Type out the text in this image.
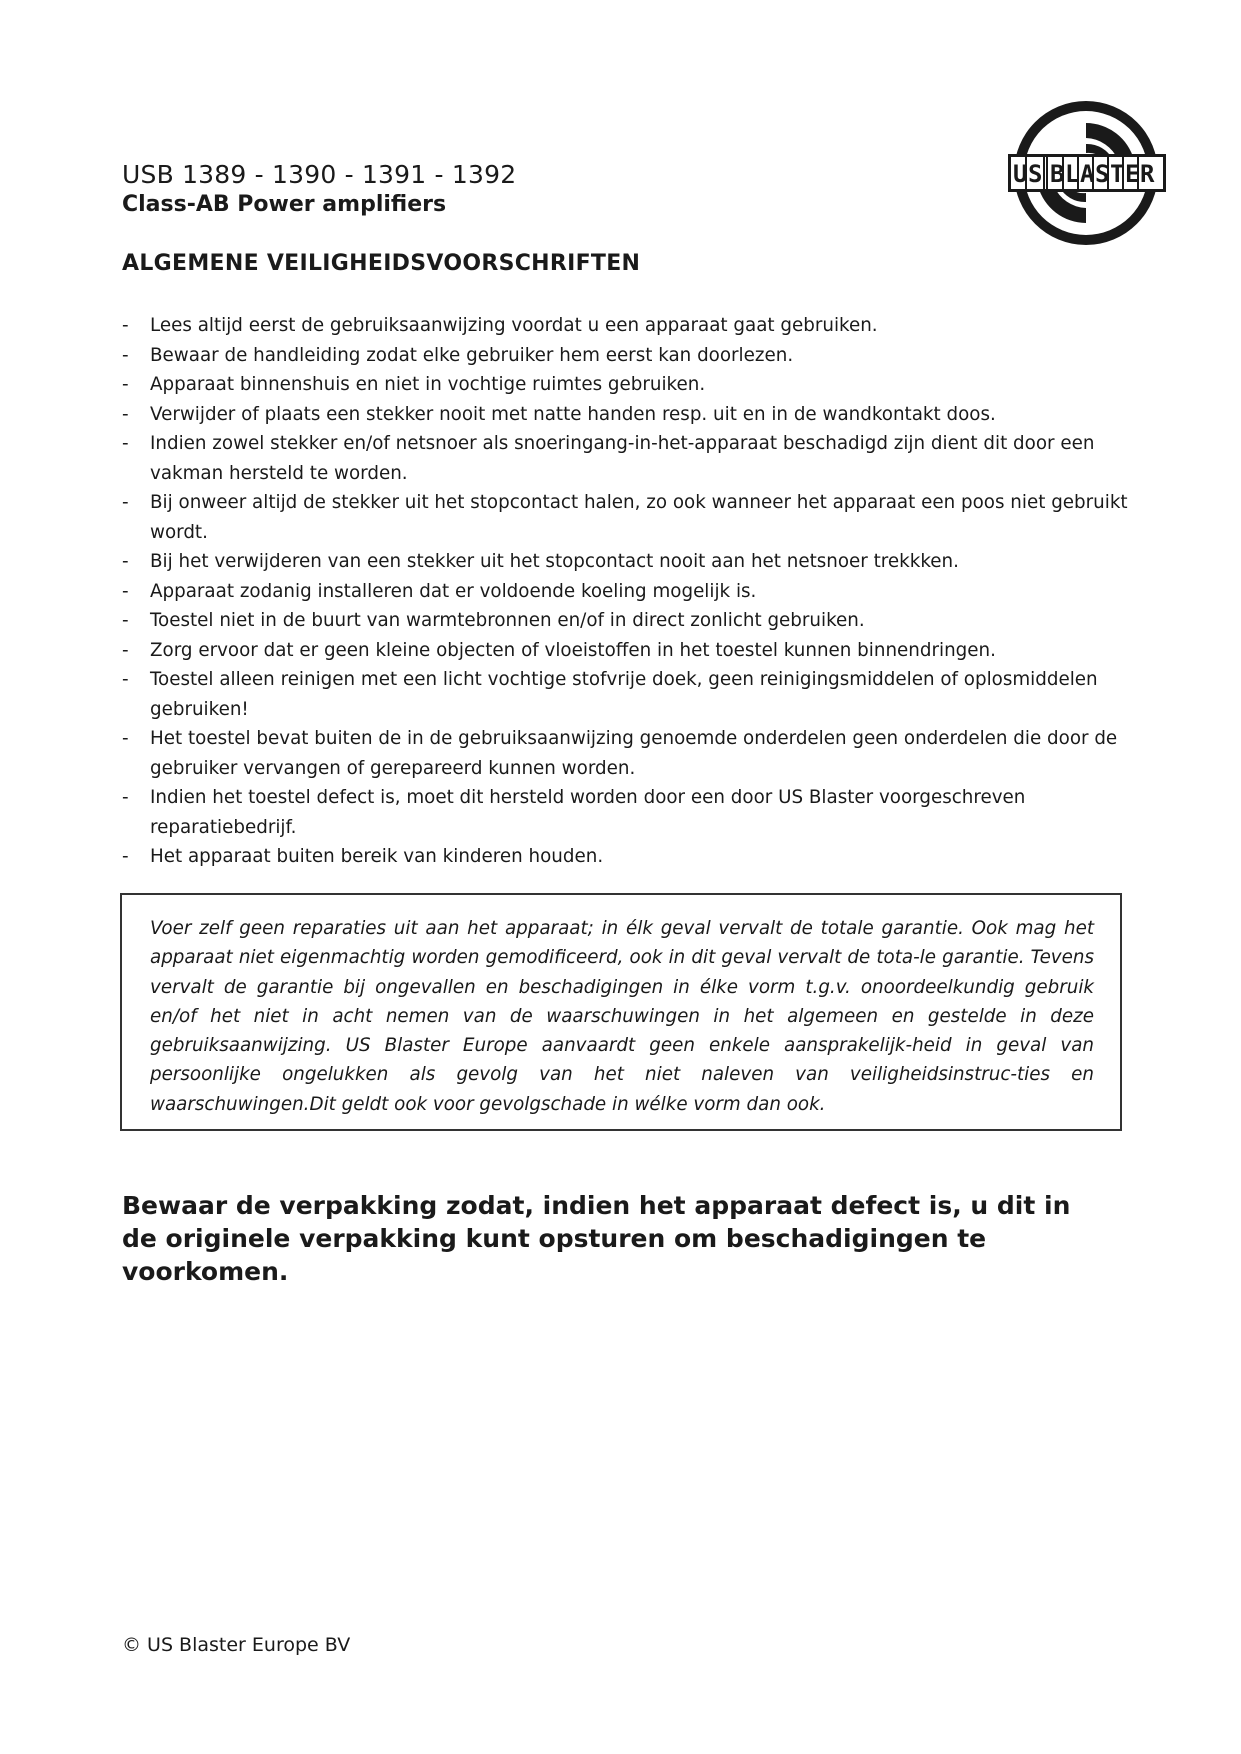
USB 1389 - 1390 - 1391 - 1392
Class-AB Power amplifiers
ALGEMENE VEILIGHEIDSVOORSCHRIFTEN
U S B L A S T E R
- Lees altijd eerst de gebruiksaanwijzing voordat u een apparaat gaat gebruiken.
- Bewaar de handleiding zodat elke gebruiker hem eerst kan doorlezen.
- Apparaat binnenshuis en niet in vochtige ruimtes gebruiken.
- Verwijder of plaats een stekker nooit met natte handen resp. uit en in de wandkontakt doos.
- Indien zowel stekker en/of netsnoer als snoeringang-in-het-apparaat beschadigd zijn dient dit door een vakman hersteld te worden.
- Bij onweer altijd de stekker uit het stopcontact halen, zo ook wanneer het apparaat een poos niet gebruikt wordt.
- Bij het verwijderen van een stekker uit het stopcontact nooit aan het netsnoer trekkken.
- Apparaat zodanig installeren dat er voldoende koeling mogelijk is.
- Toestel niet in de buurt van warmtebronnen en/of in direct zonlicht gebruiken.
- Zorg ervoor dat er geen kleine objecten of vloeistoffen in het toestel kunnen binnendringen.
- Toestel alleen reinigen met een licht vochtige stofvrije doek, geen reinigingsmiddelen of oplosmiddelen gebruiken!
- Het toestel bevat buiten de in de gebruiksaanwijzing genoemde onderdelen geen onderdelen die door de gebruiker vervangen of gerepareerd kunnen worden.
- Indien het toestel defect is, moet dit hersteld worden door een door US Blaster voorgeschreven reparatiebedrijf.
- Het apparaat buiten bereik van kinderen houden.

Voer zelf geen reparaties uit aan het apparaat; in élk geval vervalt de totale garantie. Ook mag het apparaat niet eigenmachtig worden gemodificeerd, ook in dit geval vervalt de tota-le garantie. Tevens vervalt de garantie bij ongevallen en beschadigingen in élke vorm t.g.v. onoordeelkundig gebruik en/of het niet in acht nemen van de waarschuwingen in het algemeen en gestelde in deze gebruiksaanwijzing. US Blaster Europe aanvaardt geen enkele aansprakelijk-heid in geval van persoonlijke ongelukken als gevolg van het niet naleven van veiligheidsinstruc-ties en waarschuwingen.Dit geldt ook voor gevolgschade in wélke vorm dan ook.

Bewaar de verpakking zodat, indien het apparaat defect is, u dit in de originele verpakking kunt opsturen om beschadigingen te voorkomen.

© US Blaster Europe BV
